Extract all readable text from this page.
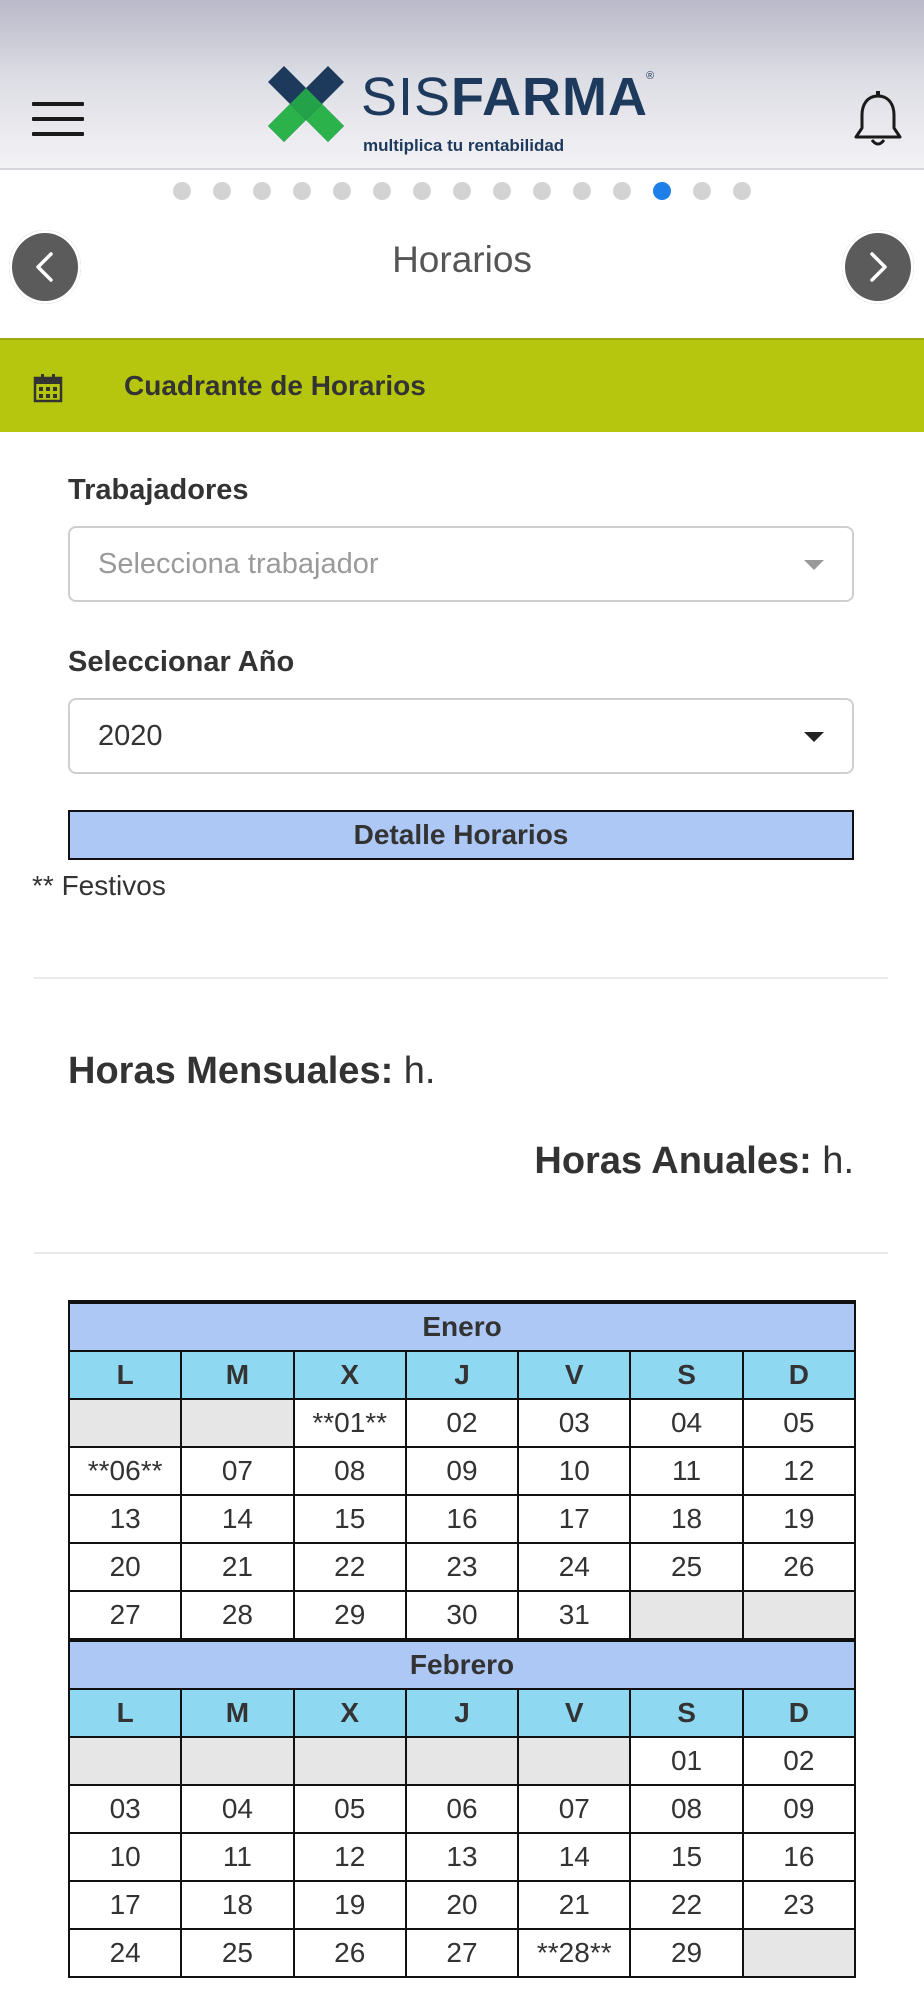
SISFARMA
®
multiplica tu rentabilidad
Horarios
Cuadrante de Horarios
Trabajadores
Selecciona trabajador
Seleccionar Año
2020
Detalle Horarios
** Festivos
Horas Mensuales: h.
Horas Anuales: h.
Enero						
L	M	X	J	V	S	D
		**01**	02	03	04	05
**06**	07	08	09	10	11	12
13	14	15	16	17	18	19
20	21	22	23	24	25	26
27	28	29	30	31		
Febrero						
L	M	X	J	V	S	D
					01	02
03	04	05	06	07	08	09
10	11	12	13	14	15	16
17	18	19	20	21	22	23
24	25	26	27	**28**	29	
